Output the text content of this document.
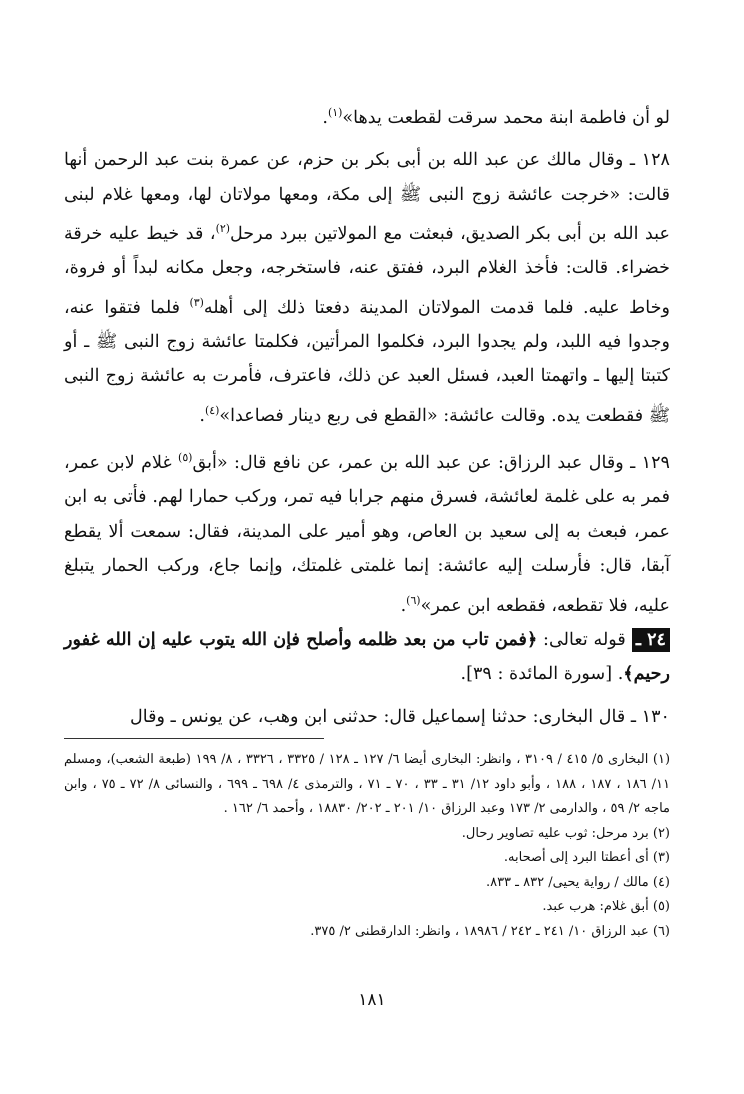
لو أن فاطمة ابنة محمد سرقت لقطعت يدها»$^{(١)}$.

١٢٨ ـ وقال مالك عن عبد الله بن أبى بكر بن حزم، عن عمرة بنت عبد الرحمن أنها قالت: «خرجت عائشة زوج النبى ﷺ إلى مكة، ومعها مولاتان لها، ومعها غلام لبنى عبد الله بن أبى بكر الصديق، فبعثت مع المولاتين ببرد مرحل$^{(٢)}$، قد خيط عليه خرقة خضراء. قالت: فأخذ الغلام البرد، ففتق عنه، فاستخرجه، وجعل مكانه لبداً أو فروة، وخاط عليه. فلما قدمت المولاتان المدينة دفعتا ذلك إلى أهله$^{(٣)}$ فلما فتقوا عنه، وجدوا فيه اللبد، ولم يجدوا البرد، فكلموا المرأتين، فكلمتا عائشة زوج النبى ﷺ ـ أو كتبتا إليها ـ واتهمتا العبد، فسئل العبد عن ذلك، فاعترف، فأمرت به عائشة زوج النبى ﷺ فقطعت يده. وقالت عائشة: «القطع فى ربع دينار فصاعدا»$^{(٤)}$.

١٢٩ ـ وقال عبد الرزاق: عن عبد الله بن عمر، عن نافع قال: «أبق$^{(٥)}$ غلام لابن عمر، فمر به على غلمة لعائشة، فسرق منهم جرابا فيه تمر، وركب حمارا لهم. فأتى به ابن عمر، فبعث به إلى سعيد بن العاص، وهو أمير على المدينة، فقال: سمعت ألا يقطع آبقا، قال: فأرسلت إليه عائشة: إنما غلمتى غلمتك، وإنما جاع، وركب الحمار يتبلغ عليه، فلا تقطعه، فقطعه ابن عمر»$^{(٦)}$.

٢٤ ـقوله تعالى: ﴿فمن تاب من بعد ظلمه وأصلح فإن الله يتوب عليه إن الله غفور رحيم﴾. [سورة المائدة : ٣٩].

١٣٠ ـ قال البخارى: حدثنا إسماعيل قال: حدثنى ابن وهب، عن يونس ـ وقال

(١) البخارى ٥/ ٤١٥ / ٣١٠٩ ، وانظر: البخارى أيضا ٦/ ١٢٧ ـ ١٢٨ / ٣٣٢٥ ، ٣٣٢٦ ، ٨/ ١٩٩ (طبعة الشعب)، ومسلم ١١/ ١٨٦ ، ١٨٧ ، ١٨٨ ، وأبو داود ١٢/ ٣١ ـ ٣٣ ، ٧٠ ـ ٧١ ، والترمذى ٤/ ٦٩٨ ـ ٦٩٩ ، والنسائى ٨/ ٧٢ ـ ٧٥ ، وابن ماجه ٢/ ٥٩ ، والدارمى ٢/ ١٧٣ وعبد الرزاق ١٠/ ٢٠١ ـ ٢٠٢/ ١٨٨٣٠ ، وأحمد ٦/ ١٦٢ .

(٢) برد مرحل: ثوب عليه تصاوير رحال.

(٣) أى أعطتا البرد إلى أصحابه.

(٤) مالك / رواية يحيى/ ٨٣٢ ـ ٨٣٣.

(٥) أبق غلام: هرب عبد.

(٦) عبد الرزاق ١٠/ ٢٤١ ـ ٢٤٢ / ١٨٩٨٦ ، وانظر: الدارقطنى ٢/ ٣٧٥.

١٨١
